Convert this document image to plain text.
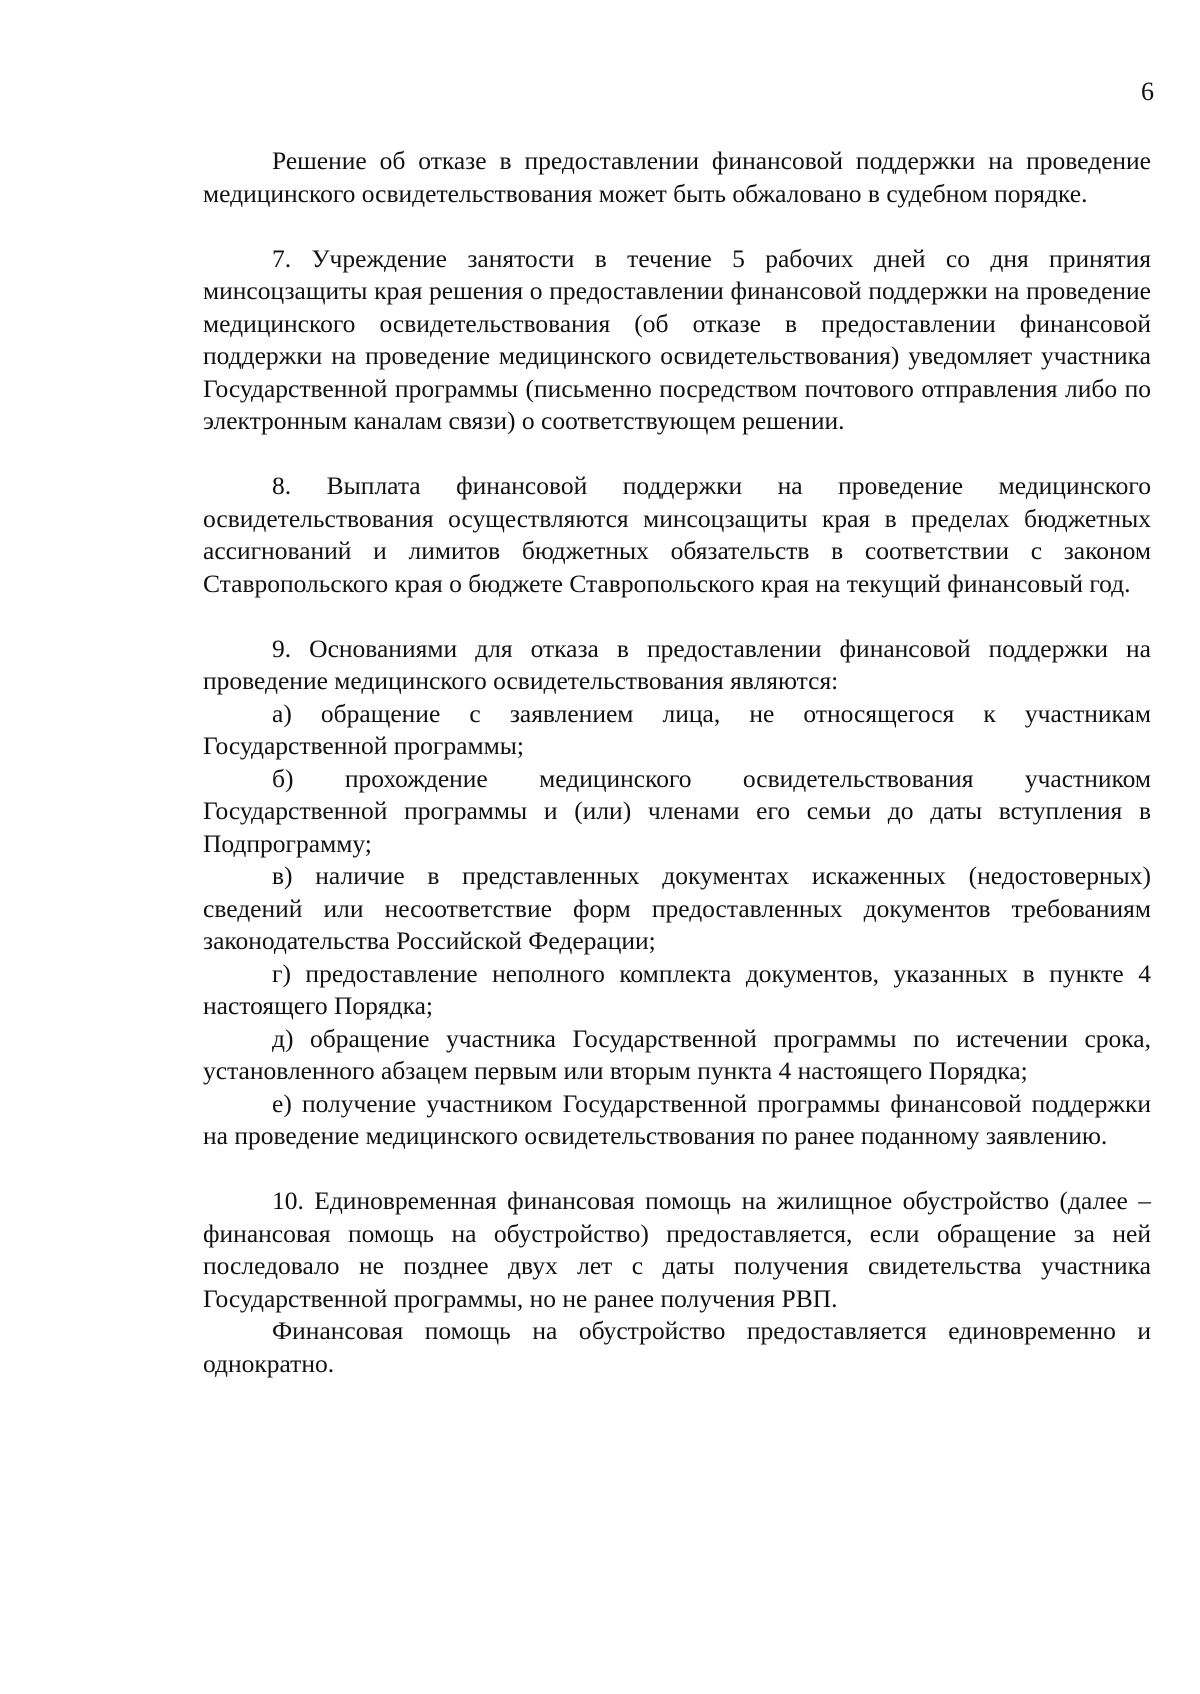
6

Решение об отказе в предоставлении финансовой поддержки на проведение медицинского освидетельствования может быть обжаловано в судебном порядке.

7. Учреждение занятости в течение 5 рабочих дней со дня принятия минсоцзащиты края решения о предоставлении финансовой поддержки на проведение медицинского освидетельствования (об отказе в предоставлении финансовой поддержки на проведение медицинского освидетельствования) уведомляет участника Государственной программы (письменно посредством почтового отправления либо по электронным каналам связи) о соответствующем решении.

8. Выплата финансовой поддержки на проведение медицинского освидетельствования осуществляются минсоцзащиты края в пределах бюджетных ассигнований и лимитов бюджетных обязательств в соответствии с законом Ставропольского края о бюджете Ставропольского края на текущий финансовый год.

9. Основаниями для отказа в предоставлении финансовой поддержки на проведение медицинского освидетельствования являются:

а) обращение с заявлением лица, не относящегося к участникам Государственной программы;

б) прохождение медицинского освидетельствования участником Государственной программы и (или) членами его семьи до даты вступления в Подпрограмму;

в) наличие в представленных документах искаженных (недостоверных) сведений или несоответствие форм предоставленных документов требованиям законодательства Российской Федерации;

г) предоставление неполного комплекта документов, указанных в пункте 4 настоящего Порядка;

д) обращение участника Государственной программы по истечении срока, установленного абзацем первым или вторым пункта 4 настоящего Порядка;

е) получение участником Государственной программы финансовой поддержки на проведение медицинского освидетельствования по ранее поданному заявлению.

10. Единовременная финансовая помощь на жилищное обустройство (далее – финансовая помощь на обустройство) предоставляется, если обращение за ней последовало не позднее двух лет с даты получения свидетельства участника Государственной программы, но не ранее получения РВП.

Финансовая помощь на обустройство предоставляется единовременно и однократно.
